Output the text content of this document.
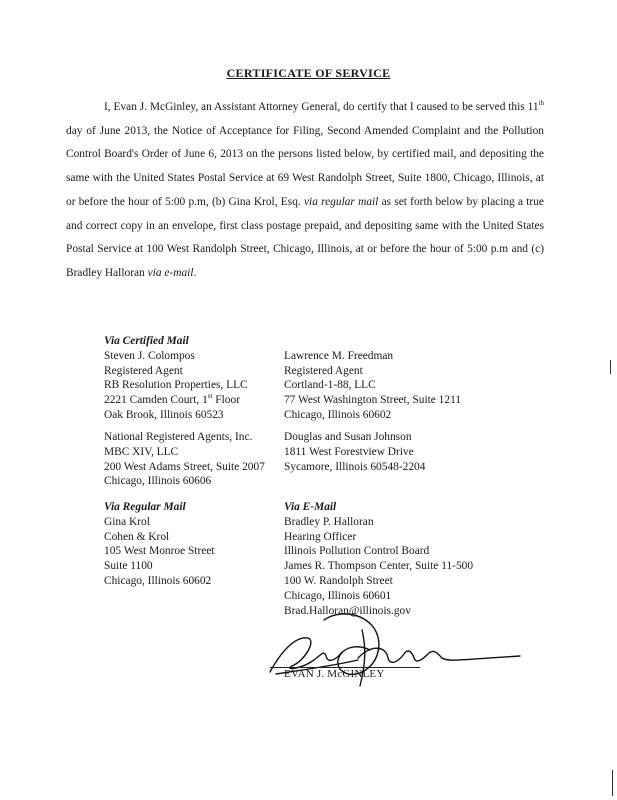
CERTIFICATE OF SERVICE
I, Evan J. McGinley, an Assistant Attorney General, do certify that I caused to be served this 11th day of June 2013, the Notice of Acceptance for Filing, Second Amended Complaint and the Pollution Control Board's Order of June 6, 2013 on the persons listed below, by certified mail, and depositing the same with the United States Postal Service at 69 West Randolph Street, Suite 1800, Chicago, Illinois, at or before the hour of 5:00 p.m, (b) Gina Krol, Esq. via regular mail as set forth below by placing a true and correct copy in an envelope, first class postage prepaid, and depositing same with the United States Postal Service at 100 West Randolph Street, Chicago, Illinois, at or before the hour of 5:00 p.m and (c) Bradley Halloran via e-mail.
Via Certified Mail
Steven J. Colompos
Registered Agent
RB Resolution Properties, LLC
2221 Camden Court, 1st Floor
Oak Brook, Illinois 60523
Lawrence M. Freedman
Registered Agent
Cortland-1-88, LLC
77 West Washington Street, Suite 1211
Chicago, Illinois 60602
National Registered Agents, Inc.
MBC XIV, LLC
200 West Adams Street, Suite 2007
Chicago, Illinois 60606
Douglas and Susan Johnson
1811 West Forestview Drive
Sycamore, Illinois 60548-2204
Via Regular Mail
Gina Krol
Cohen & Krol
105 West Monroe Street
Suite 1100
Chicago, Illinois 60602
Via E-Mail
Bradley P. Halloran
Hearing Officer
Illinois Pollution Control Board
James R. Thompson Center, Suite 11-500
100 W. Randolph Street
Chicago, Illinois 60601
Brad.Halloran@illinois.gov
EVAN J. McGINLEY
